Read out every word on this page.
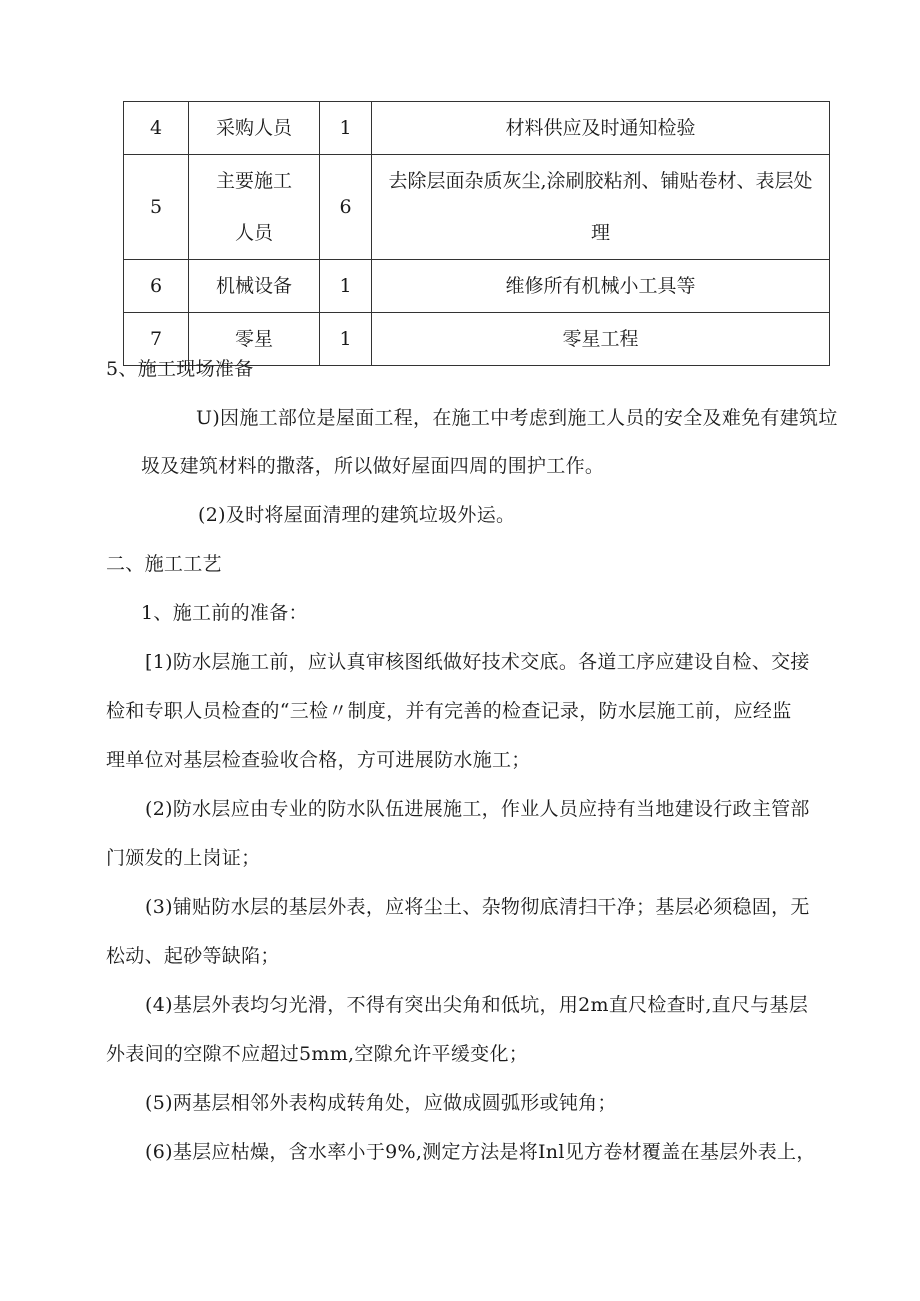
4	采购人员	1	材料供应及时通知检验
5	主要施工人员	6	去除层面杂质灰尘,涂刷胶粘剂、铺贴卷材、表层处理
6	机械设备	1	维修所有机械小工具等
7	零星	1	零星工程
5、施工现场准备
U)因施工部位是屋面工程，在施工中考虑到施工人员的安全及难免有建筑垃
圾及建筑材料的撒落，所以做好屋面四周的围护工作。
(2)及时将屋面清理的建筑垃圾外运。
二、施工工艺
1、施工前的准备：
[1)防水层施工前，应认真审核图纸做好技术交底。各道工序应建设自检、交接
检和专职人员检查的“三检〃制度，并有完善的检查记录，防水层施工前，应经监
理单位对基层检查验收合格，方可进展防水施工；
(2)防水层应由专业的防水队伍进展施工，作业人员应持有当地建设行政主管部
门颁发的上岗证；
(3)铺贴防水层的基层外表，应将尘土、杂物彻底清扫干净；基层必须稳固，无
松动、起砂等缺陷；
(4)基层外表均匀光滑，不得有突出尖角和低坑，用2m直尺检查时,直尺与基层
外表间的空隙不应超过5mm,空隙允许平缓变化；
(5)两基层相邻外表构成转角处，应做成圆弧形或钝角；
(6)基层应枯燥，含水率小于9%,测定方法是将Inl见方卷材覆盖在基层外表上，
